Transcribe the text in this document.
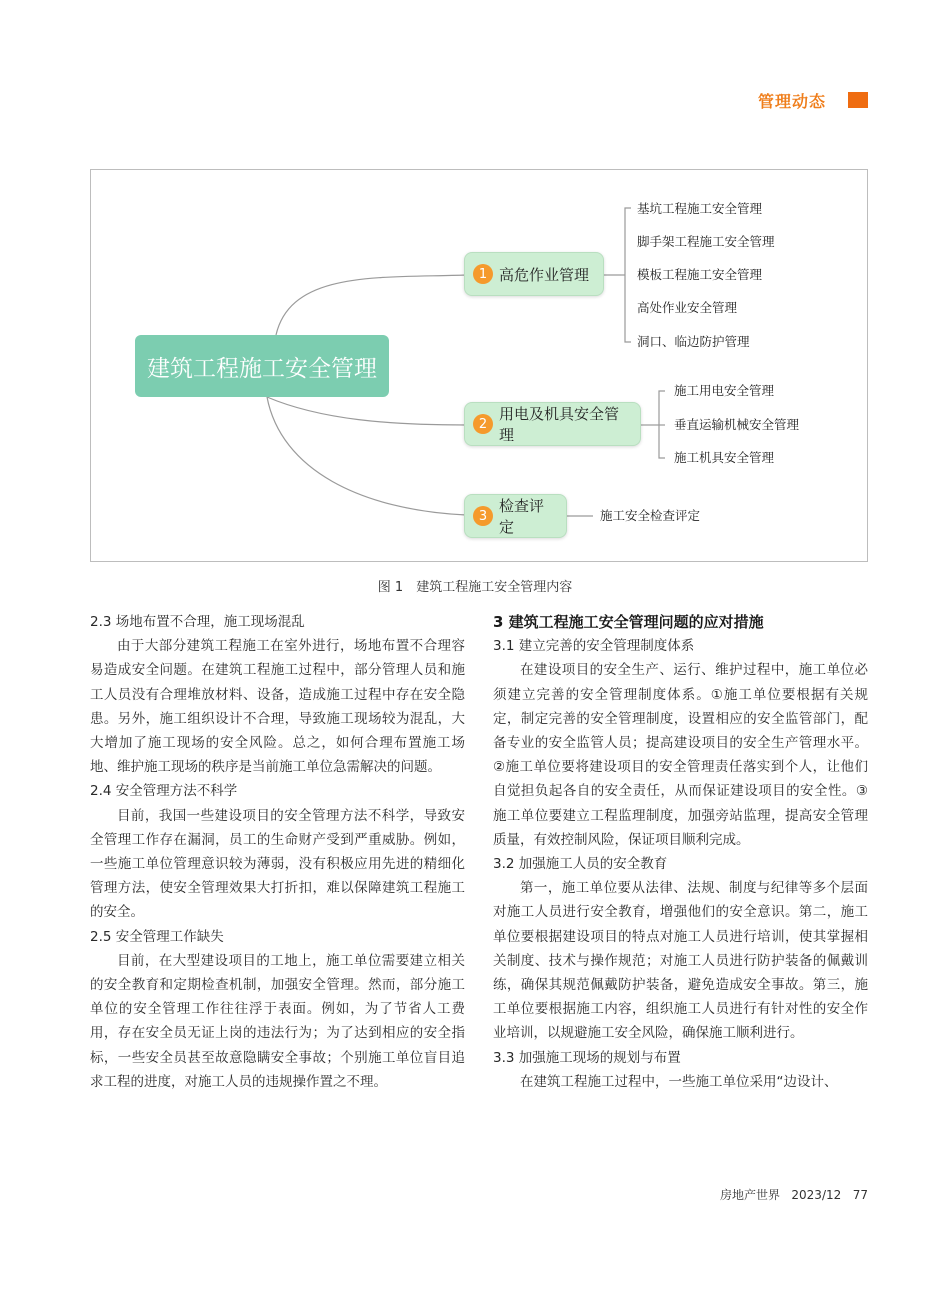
管理动态
建筑工程施工安全管理
1 高危作业管理
2
用电及机具安全管理
3
检查评定
基坑工程施工安全管理
脚手架工程施工安全管理
模板工程施工安全管理
高处作业安全管理
洞口、临边防护管理
施工用电安全管理
垂直运输机械安全管理
施工机具安全管理
施工安全检查评定
图 1　建筑工程施工安全管理内容

2.3 场地布置不合理，施工现场混乱

由于大部分建筑工程施工在室外进行，场地布置不合理容易造成安全问题。在建筑工程施工过程中，部分管理人员和施工人员没有合理堆放材料、设备，造成施工过程中存在安全隐患。另外，施工组织设计不合理，导致施工现场较为混乱，大大增加了施工现场的安全风险。总之，如何合理布置施工场地、维护施工现场的秩序是当前施工单位急需解决的问题。

2.4 安全管理方法不科学

目前，我国一些建设项目的安全管理方法不科学，导致安全管理工作存在漏洞，员工的生命财产受到严重威胁。例如，一些施工单位管理意识较为薄弱，没有积极应用先进的精细化管理方法，使安全管理效果大打折扣，难以保障建筑工程施工的安全。

2.5 安全管理工作缺失

目前，在大型建设项目的工地上，施工单位需要建立相关的安全教育和定期检查机制，加强安全管理。然而，部分施工单位的安全管理工作往往浮于表面。例如，为了节省人工费用，存在安全员无证上岗的违法行为；为了达到相应的安全指标，一些安全员甚至故意隐瞒安全事故；个别施工单位盲目追求工程的进度，对施工人员的违规操作置之不理。

3 建筑工程施工安全管理问题的应对措施

3.1 建立完善的安全管理制度体系

在建设项目的安全生产、运行、维护过程中，施工单位必须建立完善的安全管理制度体系。①施工单位要根据有关规定，制定完善的安全管理制度，设置相应的安全监管部门，配备专业的安全监管人员；提高建设项目的安全生产管理水平。②施工单位要将建设项目的安全管理责任落实到个人，让他们自觉担负起各自的安全责任，从而保证建设项目的安全性。③施工单位要建立工程监理制度，加强旁站监理，提高安全管理质量，有效控制风险，保证项目顺利完成。

3.2 加强施工人员的安全教育

第一，施工单位要从法律、法规、制度与纪律等多个层面对施工人员进行安全教育，增强他们的安全意识。第二，施工单位要根据建设项目的特点对施工人员进行培训，使其掌握相关制度、技术与操作规范；对施工人员进行防护装备的佩戴训练，确保其规范佩戴防护装备，避免造成安全事故。第三，施工单位要根据施工内容，组织施工人员进行有针对性的安全作业培训，以规避施工安全风险，确保施工顺利进行。

3.3 加强施工现场的规划与布置

在建筑工程施工过程中，一些施工单位采用“边设计、

房地产世界 2023/12 77
